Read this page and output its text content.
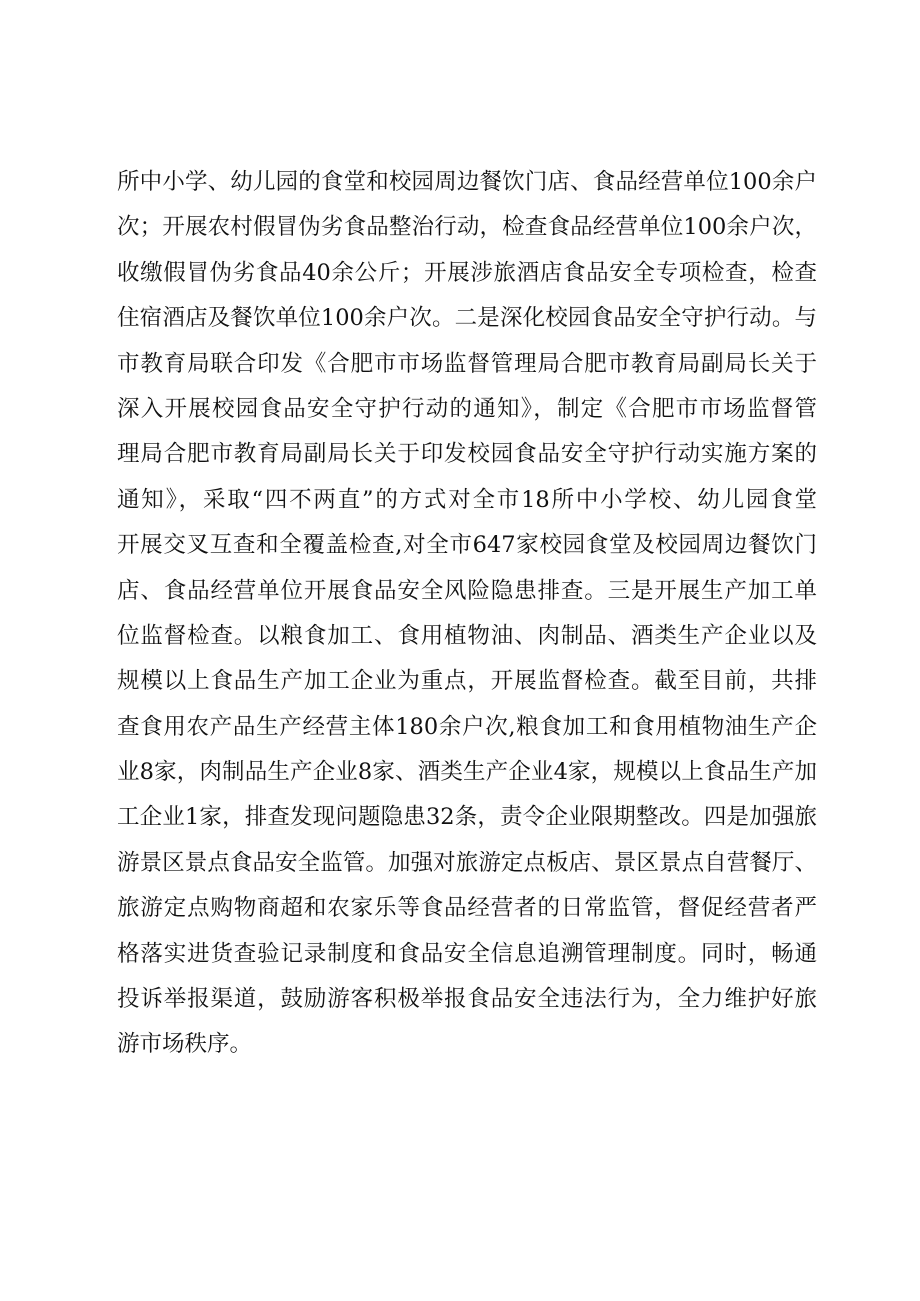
所中小学、幼儿园的食堂和校园周边餐饮门店、食品经营单位100余户
次；开展农村假冒伪劣食品整治行动，检查食品经营单位100余户次，
收缴假冒伪劣食品40余公斤；开展涉旅酒店食品安全专项检查，检查
住宿酒店及餐饮单位100余户次。二是深化校园食品安全守护行动。与
市教育局联合印发《合肥市市场监督管理局合肥市教育局副局长关于
深入开展校园食品安全守护行动的通知》，制定《合肥市市场监督管
理局合肥市教育局副局长关于印发校园食品安全守护行动实施方案的
通知》，采取“四不两直”的方式对全市18所中小学校、幼儿园食堂
开展交叉互查和全覆盖检查,对全市647家校园食堂及校园周边餐饮门
店、食品经营单位开展食品安全风险隐患排查。三是开展生产加工单
位监督检查。以粮食加工、食用植物油、肉制品、酒类生产企业以及
规模以上食品生产加工企业为重点，开展监督检查。截至目前，共排
查食用农产品生产经营主体180余户次,粮食加工和食用植物油生产企
业8家，肉制品生产企业8家、酒类生产企业4家，规模以上食品生产加
工企业1家，排查发现问题隐患32条，责令企业限期整改。四是加强旅
游景区景点食品安全监管。加强对旅游定点板店、景区景点自营餐厅、
旅游定点购物商超和农家乐等食品经营者的日常监管，督促经营者严
格落实进货查验记录制度和食品安全信息追溯管理制度。同时，畅通
投诉举报渠道，鼓励游客积极举报食品安全违法行为，全力维护好旅
游市场秩序。
